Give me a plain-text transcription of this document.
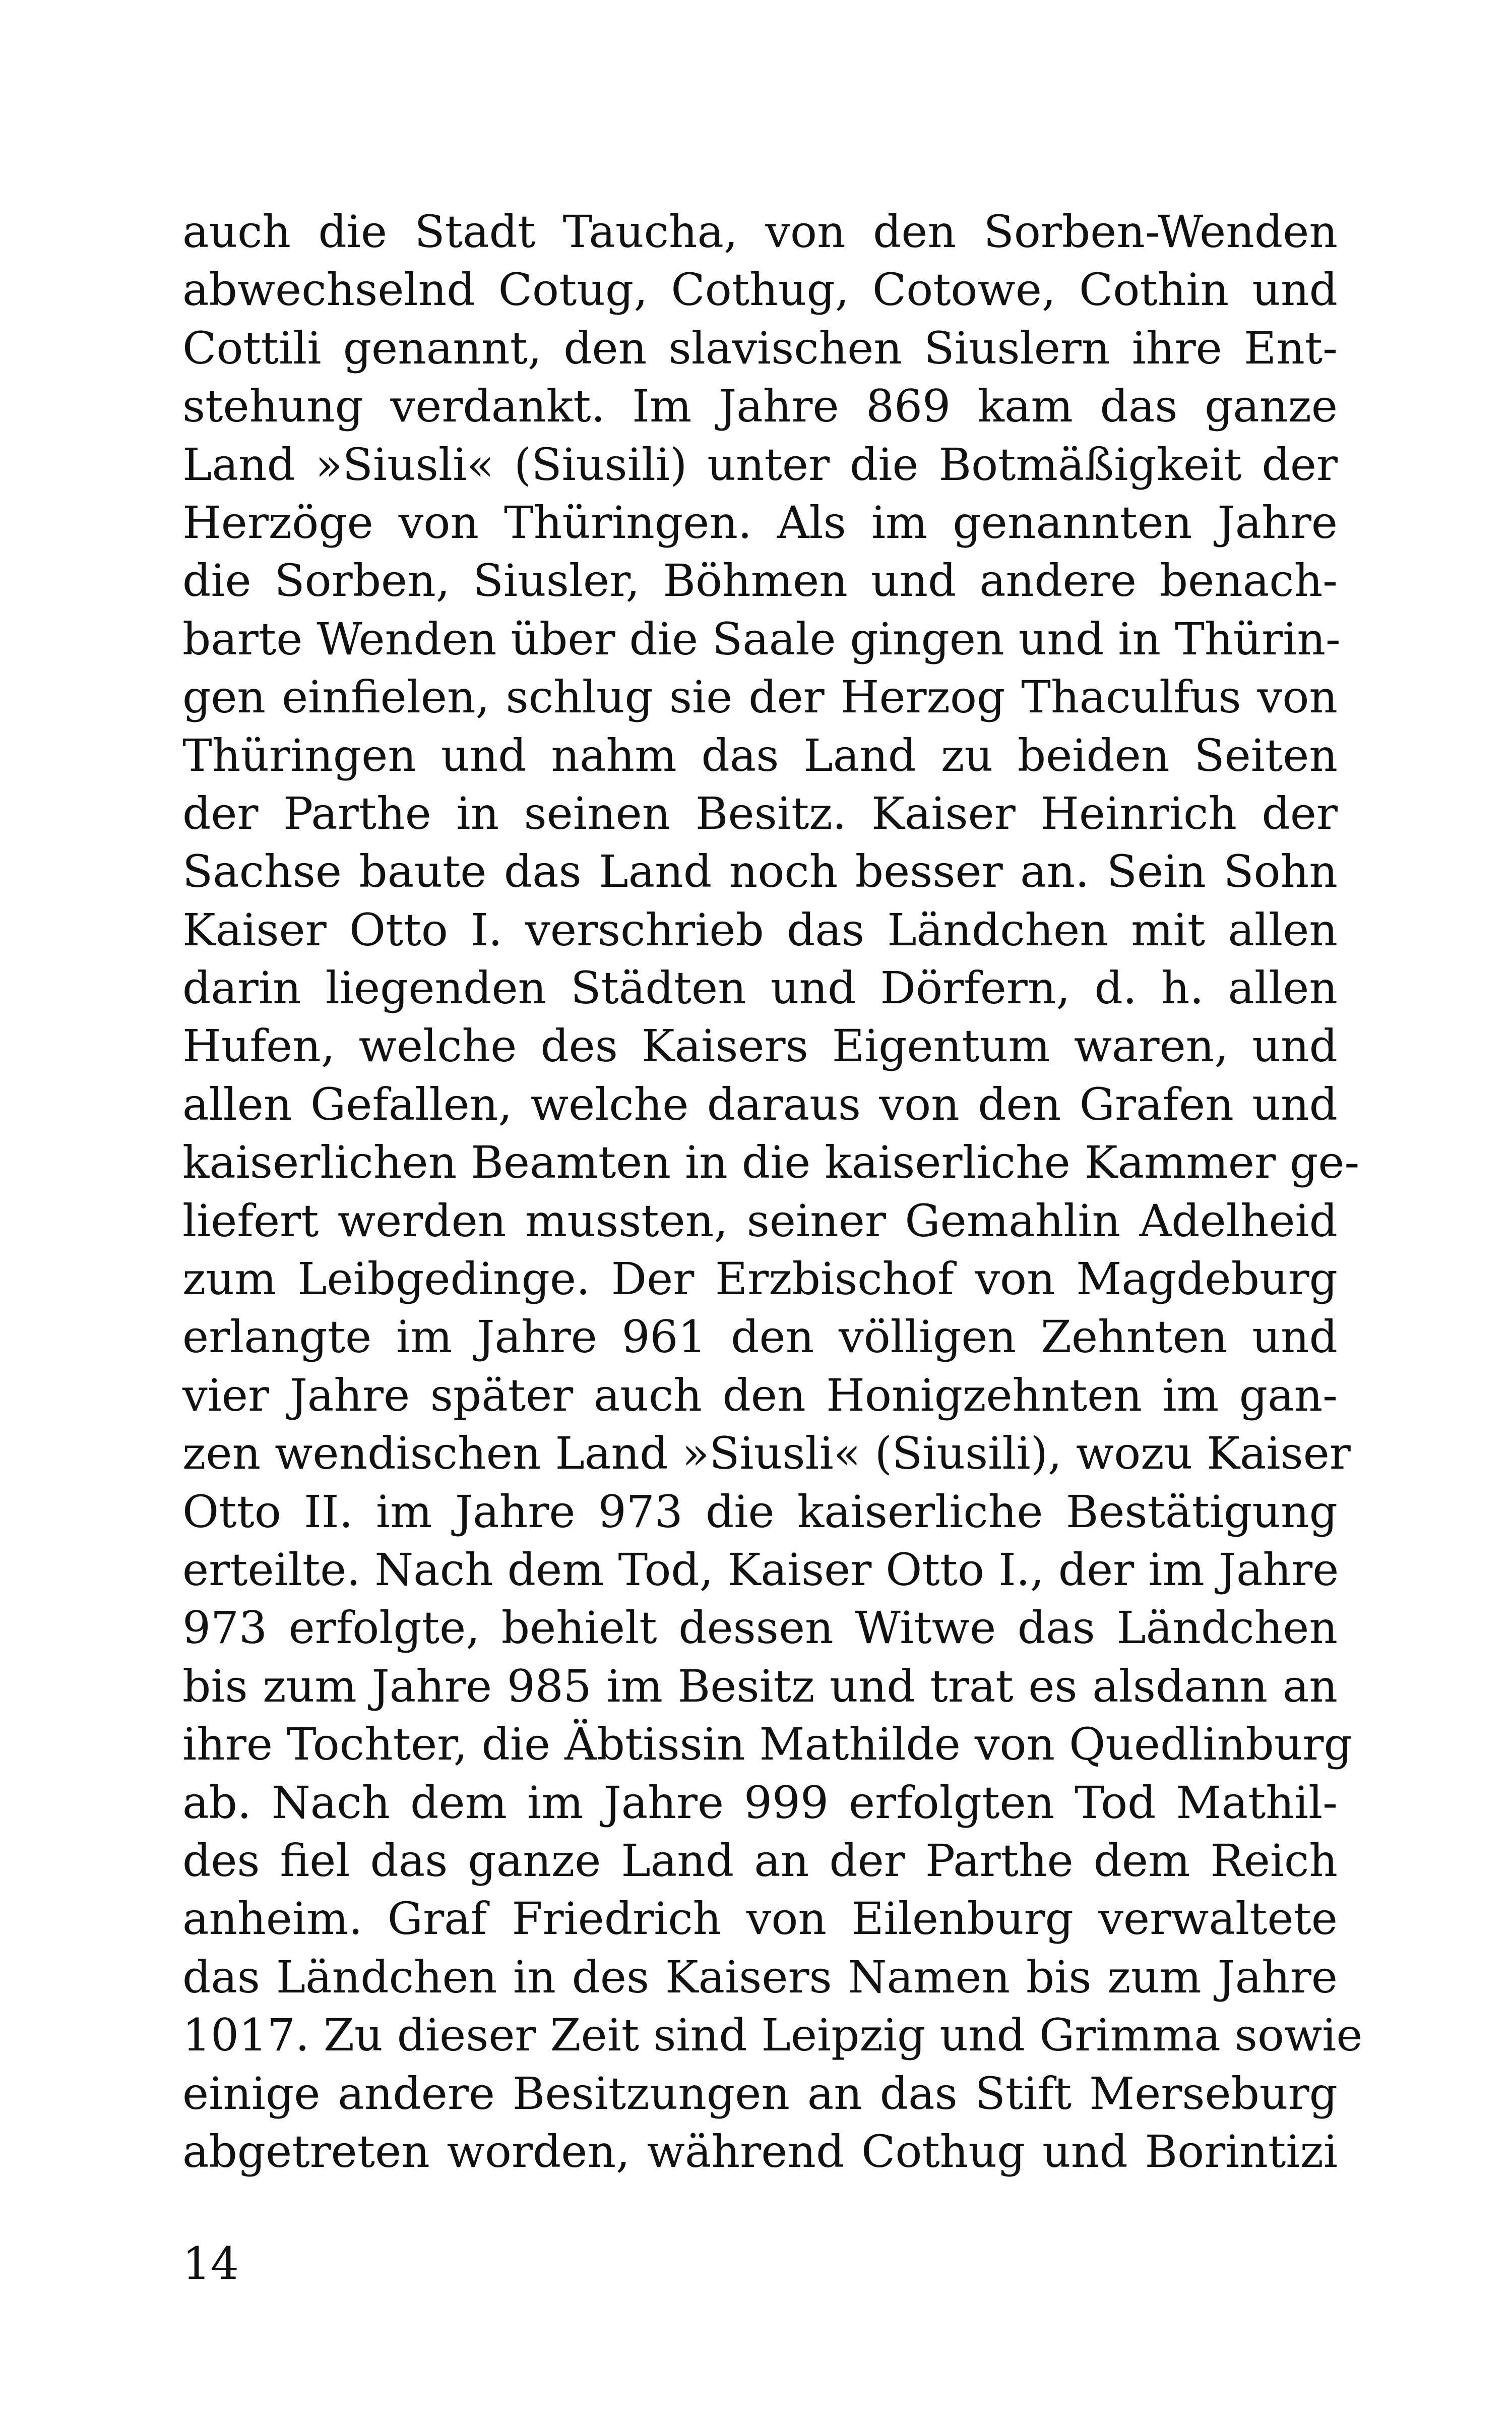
auch die Stadt Taucha, von den Sorben-Wenden
abwechselnd Cotug, Cothug, Cotowe, Cothin und
Cottili genannt, den slavischen Siuslern ihre Ent-
stehung verdankt. Im Jahre 869 kam das ganze
Land »Siusli« (Siusili) unter die Botmäßigkeit der
Herzöge von Thüringen. Als im genannten Jahre
die Sorben, Siusler, Böhmen und andere benach-
barte Wenden über die Saale gingen und in Thürin-
gen einfielen, schlug sie der Herzog Thaculfus von
Thüringen und nahm das Land zu beiden Seiten
der Parthe in seinen Besitz. Kaiser Heinrich der
Sachse baute das Land noch besser an. Sein Sohn
Kaiser Otto I. verschrieb das Ländchen mit allen
darin liegenden Städten und Dörfern, d. h. allen
Hufen, welche des Kaisers Eigentum waren, und
allen Gefallen, welche daraus von den Grafen und
kaiserlichen Beamten in die kaiserliche Kammer ge-
liefert werden mussten, seiner Gemahlin Adelheid
zum Leibgedinge. Der Erzbischof von Magdeburg
erlangte im Jahre 961 den völligen Zehnten und
vier Jahre später auch den Honigzehnten im gan-
zen wendischen Land »Siusli« (Siusili), wozu Kaiser
Otto II. im Jahre 973 die kaiserliche Bestätigung
erteilte. Nach dem Tod, Kaiser Otto I., der im Jahre
973 erfolgte, behielt dessen Witwe das Ländchen
bis zum Jahre 985 im Besitz und trat es alsdann an
ihre Tochter, die Äbtissin Mathilde von Quedlinburg
ab. Nach dem im Jahre 999 erfolgten Tod Mathil-
des fiel das ganze Land an der Parthe dem Reich
anheim. Graf Friedrich von Eilenburg verwaltete
das Ländchen in des Kaisers Namen bis zum Jahre
1017. Zu dieser Zeit sind Leipzig und Grimma sowie
einige andere Besitzungen an das Stift Merseburg
abgetreten worden, während Cothug und Borintizi
14
